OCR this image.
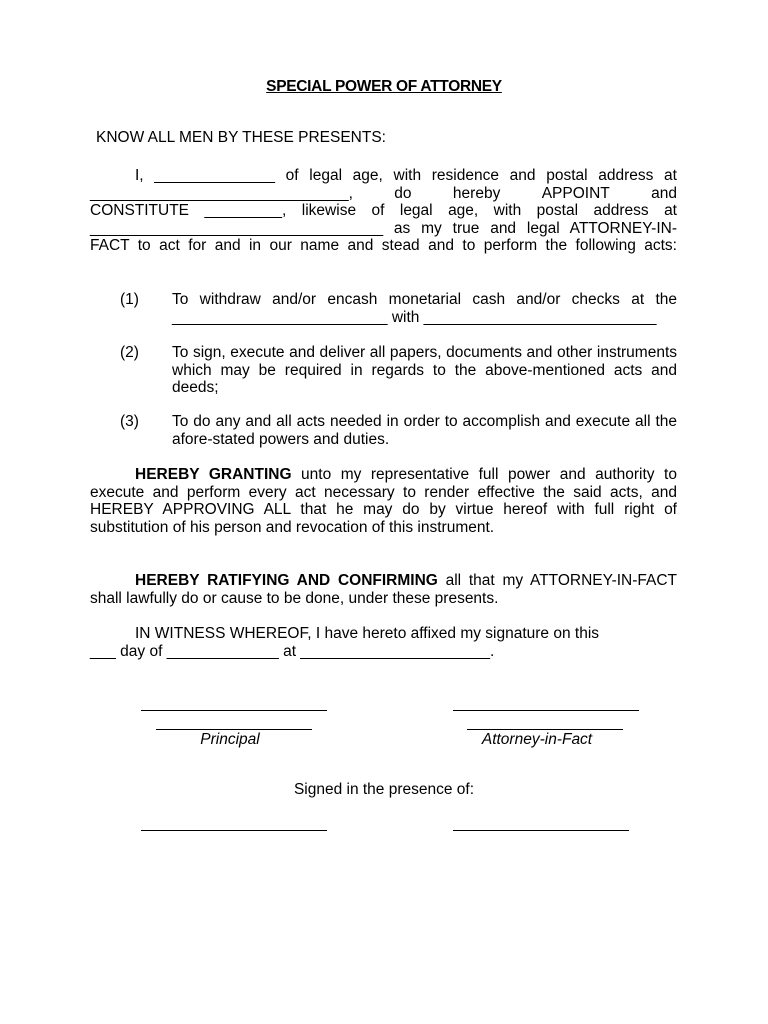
SPECIAL POWER OF ATTORNEY
KNOW ALL MEN BY THESE PRESENTS:
I, ______________ of legal age, with residence and postal address at
______________________________,	do	hereby	APPOINT	and
CONSTITUTE _________, likewise of legal age, with postal address at
__________________________________ as my true and legal ATTORNEY-IN-
FACT to act for and in our name and stead and to perform the following acts:
(1) To withdraw and/or encash monetarial cash and/or checks at the
_________________________ with ___________________________
(2) To sign, execute and deliver all papers, documents and other instruments which may be required in regards to the above-mentioned acts and deeds;
(3) To do any and all acts needed in order to accomplish and execute all the afore-stated powers and duties.
HEREBY GRANTING unto my representative full power and authority to execute and perform every act necessary to render effective the said acts, and HEREBY APPROVING ALL that he may do by virtue hereof with full right of substitution of his person and revocation of this instrument.
HEREBY RATIFYING AND CONFIRMING all that my ATTORNEY-IN-FACT shall lawfully do or cause to be done, under these presents.
IN WITNESS WHEREOF, I have hereto affixed my signature on this
___ day of _____________ at ______________________.
Principal	Attorney-in-Fact
Signed in the presence of:
